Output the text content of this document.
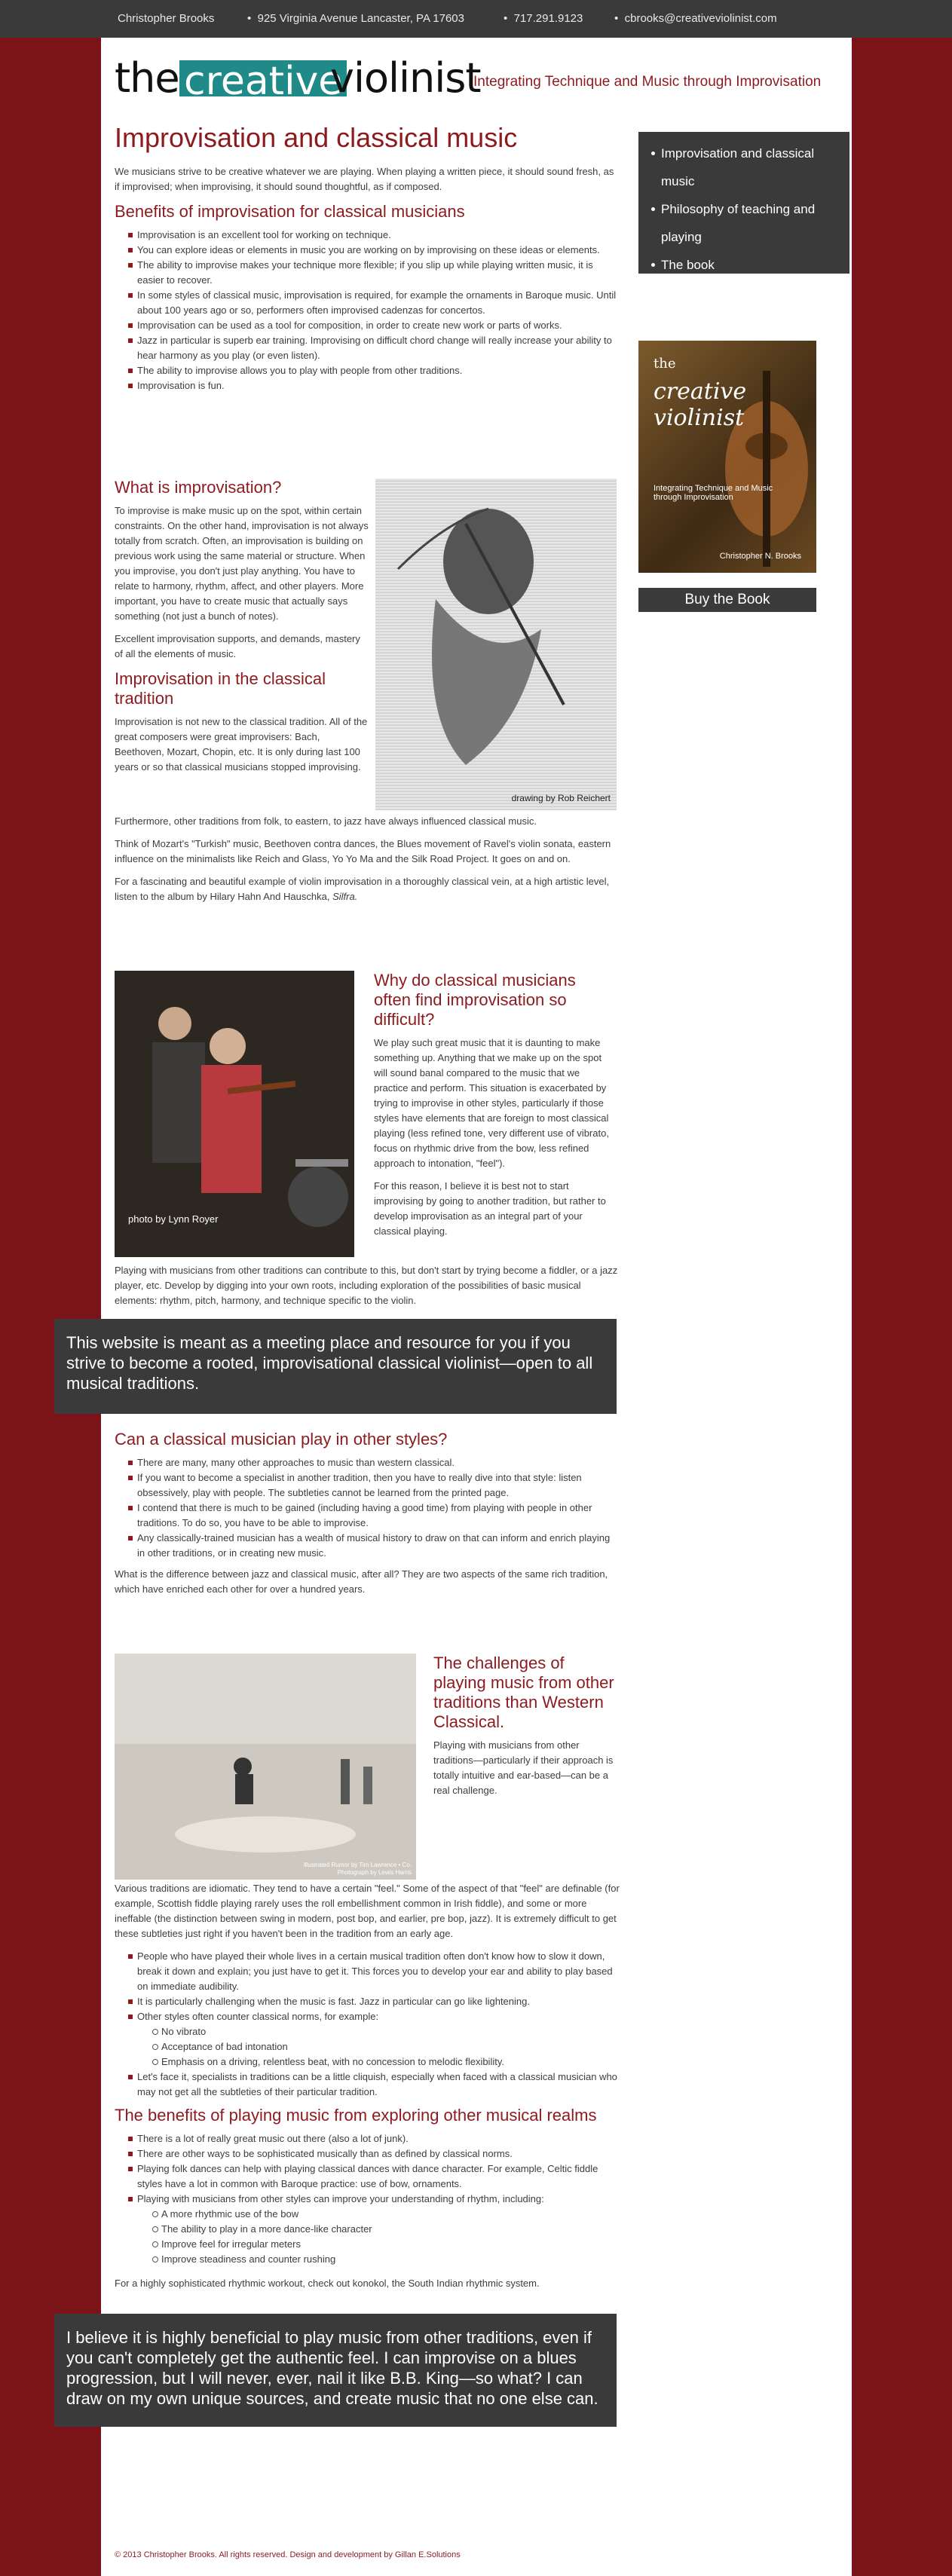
Christopher Brooks	• 925 Virginia Avenue Lancaster, PA 17603	• 717.291.9123	• cbrooks@creativeviolinist.com
the creative
violinist
Integrating Technique and Music through Improvisation
Improvisation and classical music

We musicians strive to be creative whatever we are playing. When playing a written piece, it should sound fresh, as if improvised; when improvising, it should sound thoughtful, as if composed.

Benefits of improvisation for classical musicians
Improvisation is an excellent tool for working on technique.
You can explore ideas or elements in music you are working on by improvising on these ideas or elements.
The ability to improvise makes your technique more flexible; if you slip up while playing written music, it is easier to recover.
In some styles of classical music, improvisation is required, for example the ornaments in Baroque music. Until about 100 years ago or so, performers often improvised cadenzas for concertos.
Improvisation can be used as a tool for composition, in order to create new work or parts of works.
Jazz in particular is superb ear training. Improvising on difficult chord change will really increase your ability to hear harmony as you play (or even listen).
The ability to improvise allows you to play with people from other traditions.
Improvisation is fun.
What is improvisation?

To improvise is make music up on the spot, within certain constraints. On the other hand, improvisation is not always totally from scratch. Often, an improvisation is building on previous work using the same material or structure. When you improvise, you don't just play anything. You have to relate to harmony, rhythm, affect, and other players. More important, you have to create music that actually says something (not just a bunch of notes).

Excellent improvisation supports, and demands, mastery of all the elements of music.

Improvisation in the classical tradition

Improvisation is not new to the classical tradition. All of the great composers were great improvisers: Bach, Beethoven, Mozart, Chopin, etc. It is only during last 100 years or so that classical musicians stopped improvising.

drawing by Rob Reichert

Furthermore, other traditions from folk, to eastern, to jazz have always influenced classical music.

Think of Mozart's "Turkish" music, Beethoven contra dances, the Blues movement of Ravel's violin sonata, eastern influence on the minimalists like Reich and Glass, Yo Yo Ma and the Silk Road Project. It goes on and on.

For a fascinating and beautiful example of violin improvisation in a thoroughly classical vein, at a high artistic level, listen to the album by Hilary Hahn And Hauschka, Silfra.

photo by Lynn Royer
Why do classical musicians often find improvisation so difficult?

We play such great music that it is daunting to make something up. Anything that we make up on the spot will sound banal compared to the music that we practice and perform. This situation is exacerbated by trying to improvise in other styles, particularly if those styles have elements that are foreign to most classical playing (less refined tone, very different use of vibrato, focus on rhythmic drive from the bow, less refined approach to intonation, "feel").

For this reason, I believe it is best not to start improvising by going to another tradition, but rather to develop improvisation as an integral part of your classical playing.

Playing with musicians from other traditions can contribute to this, but don't start by trying become a fiddler, or a jazz player, etc. Develop by digging into your own roots, including exploration of the possibilities of basic musical elements: rhythm, pitch, harmony, and technique specific to the violin.

Can a classical musician play in other styles?
There are many, many other approaches to music than western classical.
If you want to become a specialist in another tradition, then you have to really dive into that style: listen obsessively, play with people. The subtleties cannot be learned from the printed page.
I contend that there is much to be gained (including having a good time) from playing with people in other traditions. To do so, you have to be able to improvise.
Any classically-trained musician has a wealth of musical history to draw on that can inform and enrich playing in other traditions, or in creating new music.

What is the difference between jazz and classical music, after all? They are two aspects of the same rich tradition, which have enriched each other for over a hundred years.

Illustrated Rumor by Tim Lawrence • Co. Photograph by Lewis Harris
The challenges of playing music from other traditions than Western Classical.

Playing with musicians from other traditions—particularly if their approach is totally intuitive and ear-based—can be a real challenge.

Various traditions are idiomatic. They tend to have a certain "feel." Some of the aspect of that "feel" are definable (for example, Scottish fiddle playing rarely uses the roll embellishment common in Irish fiddle), and some or more ineffable (the distinction between swing in modern, post bop, and earlier, pre bop, jazz). It is extremely difficult to get these subtleties just right if you haven't been in the tradition from an early age.

People who have played their whole lives in a certain musical tradition often don't know how to slow it down, break it down and explain; you just have to get it. This forces you to develop your ear and ability to play based on immediate audibility.
It is particularly challenging when the music is fast. Jazz in particular can go like lightening.
Other styles often counter classical norms, for example:
No vibrato
Acceptance of bad intonation
Emphasis on a driving, relentless beat, with no concession to melodic flexibility.
Let's face it, specialists in traditions can be a little cliquish, especially when faced with a classical musician who may not get all the subtleties of their particular tradition.
The benefits of playing music from exploring other musical realms
There is a lot of really great music out there (also a lot of junk).
There are other ways to be sophisticated musically than as defined by classical norms.
Playing folk dances can help with playing classical dances with dance character. For example, Celtic fiddle styles have a lot in common with Baroque practice: use of bow, ornaments.
Playing with musicians from other styles can improve your understanding of rhythm, including:
A more rhythmic use of the bow
The ability to play in a more dance-like character
Improve feel for irregular meters
Improve steadiness and counter rushing

For a highly sophisticated rhythmic workout, check out konokol, the South Indian rhythmic system.

This website is meant as a meeting place and resource for you if you strive to become a rooted, improvisational classical violinist—open to all musical traditions.
I believe it is highly beneficial to play music from other traditions, even if you can't completely get the authentic feel. I can improvise on a blues progression, but I will never, ever, nail it like B.B. King—so what? I can draw on my own unique sources, and create music that no one else can.
Improvisation and classical music
Philosophy of teaching and playing
The book
Creative violinist workshops
Music blog
the
creative violinist
Integrating Technique and Music through Improvisation
Christopher N. Brooks
Buy the Book
© 2013 Christopher Brooks. All rights reserved. Design and development by Gillan E.Solutions
